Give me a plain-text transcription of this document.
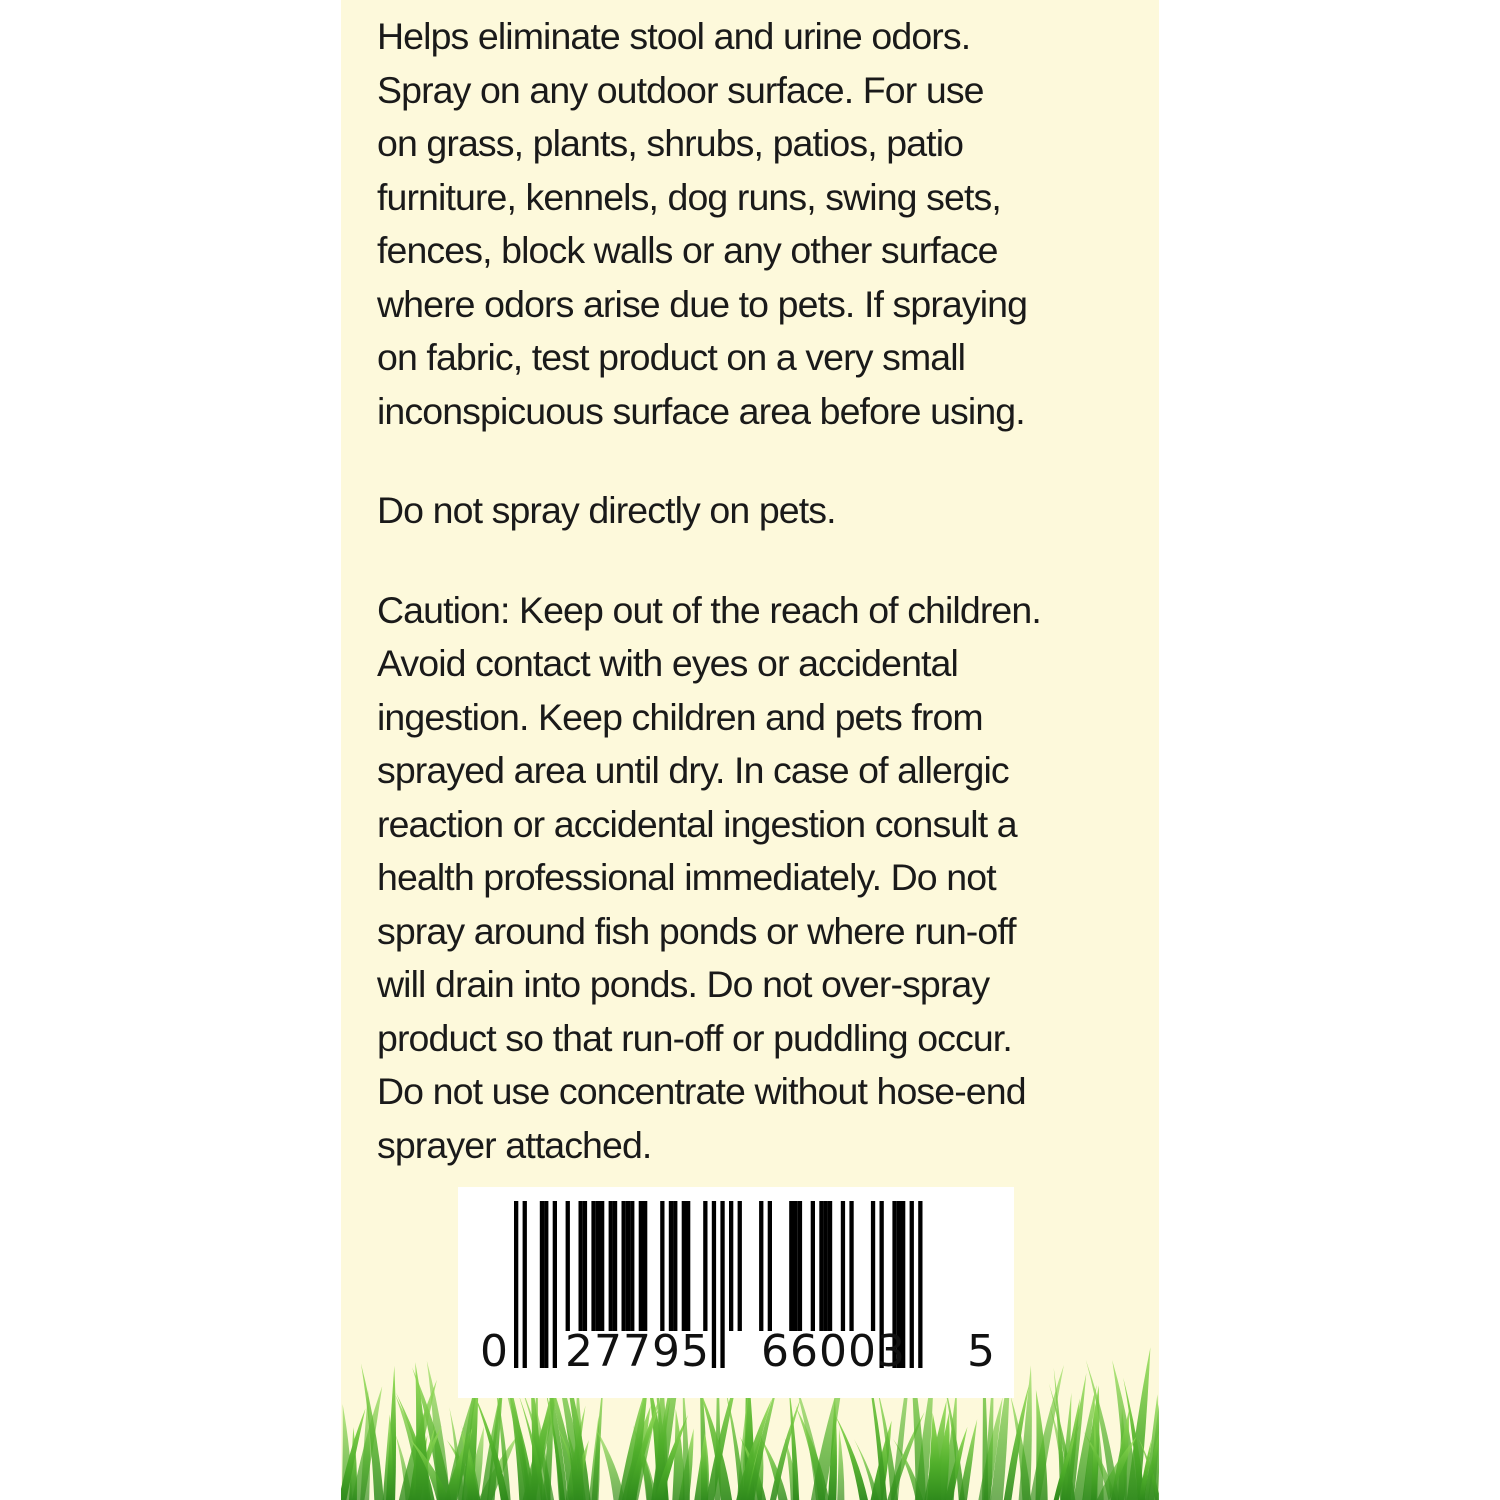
Helps eliminate stool and urine odors.
Spray on any outdoor surface. For use
on grass, plants, shrubs, patios, patio
furniture, kennels, dog runs, swing sets,
fences, block walls or any other surface
where odors arise due to pets. If spraying
on fabric, test product on a very small
inconspicuous surface area before using.

Do not spray directly on pets.

Caution: Keep out of the reach of children.
Avoid contact with eyes or accidental
ingestion. Keep children and pets from
sprayed area until dry. In case of allergic
reaction or accidental ingestion consult a
health professional immediately. Do not
spray around fish ponds or where run-off
will drain into ponds. Do not over-spray
product so that run-off or puddling occur.
Do not use concentrate without hose-end
sprayer attached.

0 27795 66003 5
